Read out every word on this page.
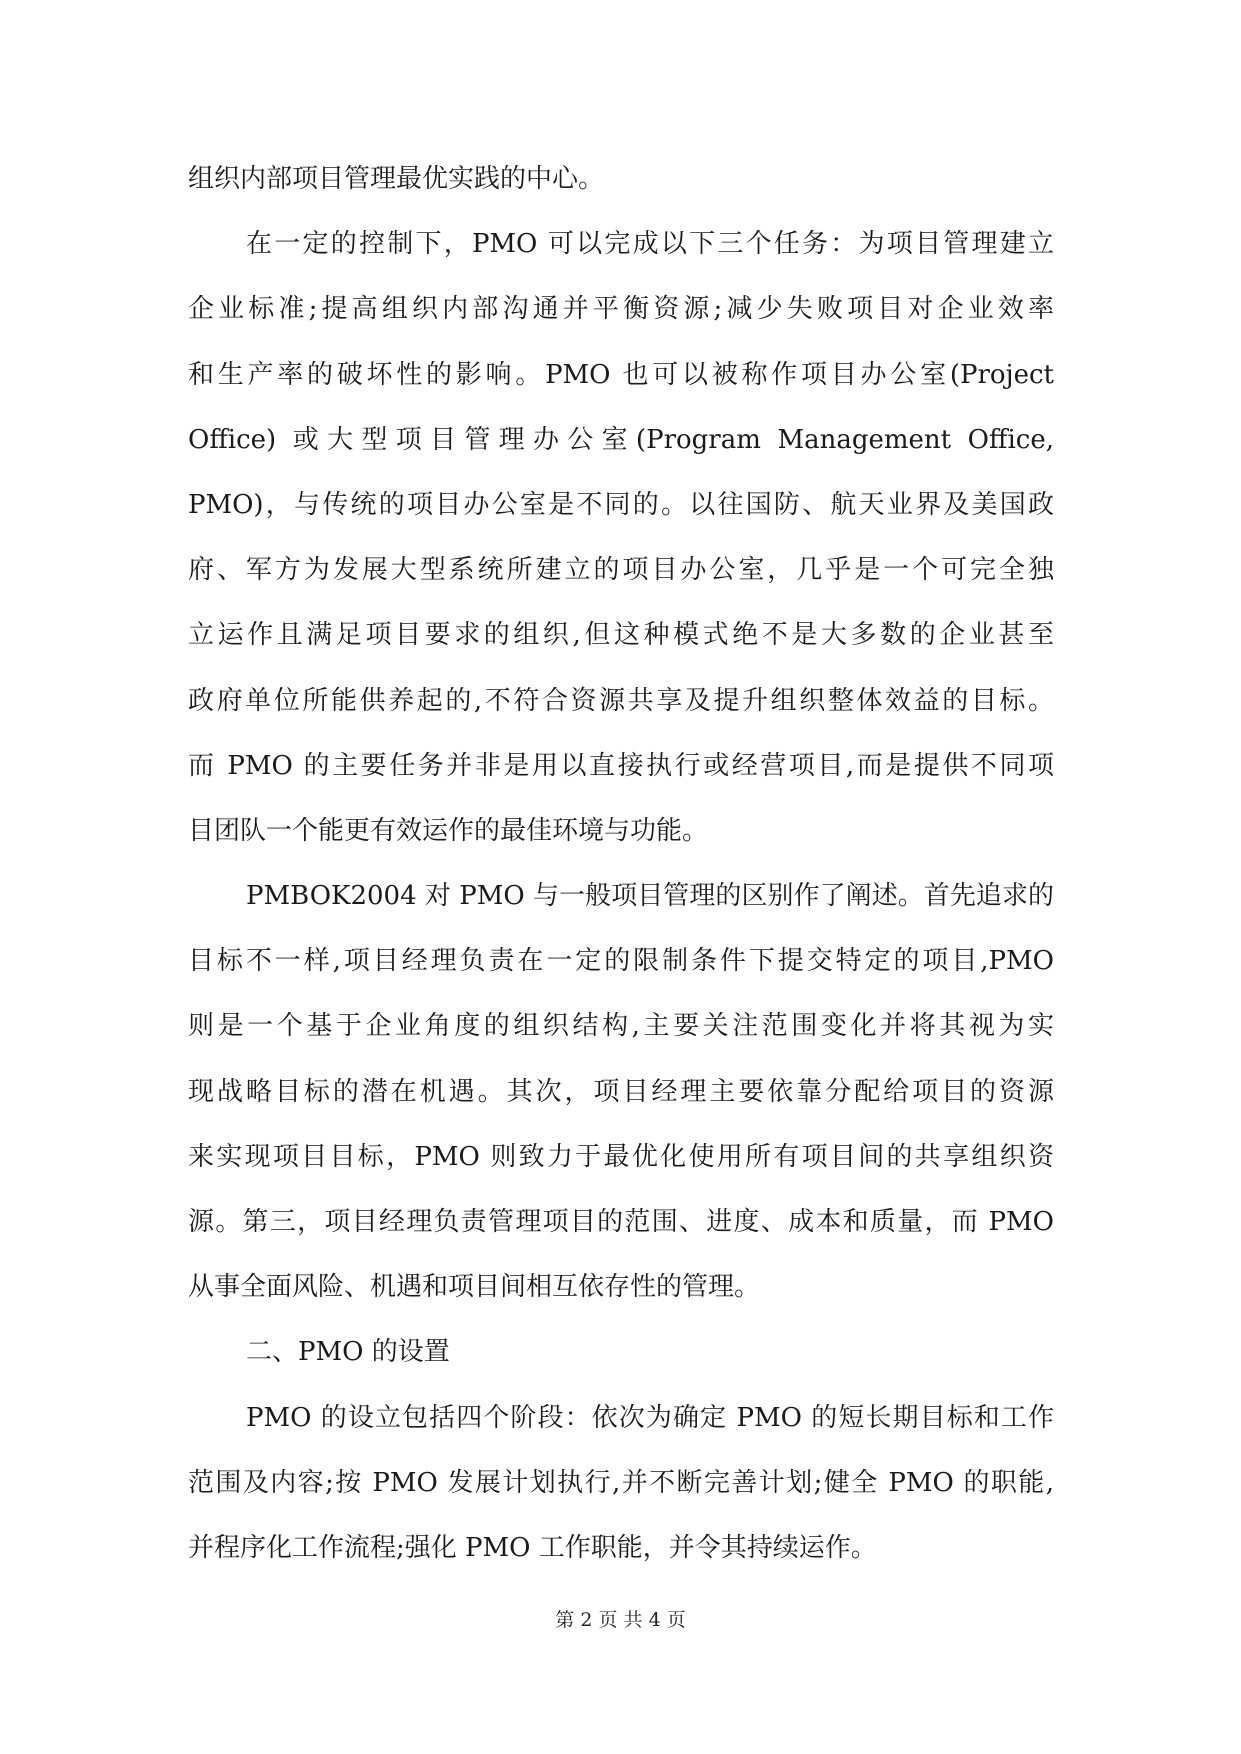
组织内部项目管理最优实践的中心。
在一定的控制下，PMO 可以完成以下三个任务：为项目管理建立
企业标准;提高组织内部沟通并平衡资源;减少失败项目对企业效率
和生产率的破坏性的影响。PMO 也可以被称作项目办公室(Project
Office) 或大型项目管理办公室(Program Management Office,
PMO)，与传统的项目办公室是不同的。以往国防、航天业界及美国政
府、军方为发展大型系统所建立的项目办公室，几乎是一个可完全独
立运作且满足项目要求的组织,但这种模式绝不是大多数的企业甚至
政府单位所能供养起的,不符合资源共享及提升组织整体效益的目标。
而 PMO 的主要任务并非是用以直接执行或经营项目,而是提供不同项
目团队一个能更有效运作的最佳环境与功能。
PMBOK2004 对 PMO 与一般项目管理的区别作了阐述。首先追求的
目标不一样,项目经理负责在一定的限制条件下提交特定的项目,PMO
则是一个基于企业角度的组织结构,主要关注范围变化并将其视为实
现战略目标的潜在机遇。其次，项目经理主要依靠分配给项目的资源
来实现项目目标，PMO 则致力于最优化使用所有项目间的共享组织资
源。第三，项目经理负责管理项目的范围、进度、成本和质量，而 PMO
从事全面风险、机遇和项目间相互依存性的管理。
二、PMO 的设置
PMO 的设立包括四个阶段：依次为确定 PMO 的短长期目标和工作
范围及内容;按 PMO 发展计划执行,并不断完善计划;健全 PMO 的职能,
并程序化工作流程;强化 PMO 工作职能，并令其持续运作。
第 2 页 共 4 页
